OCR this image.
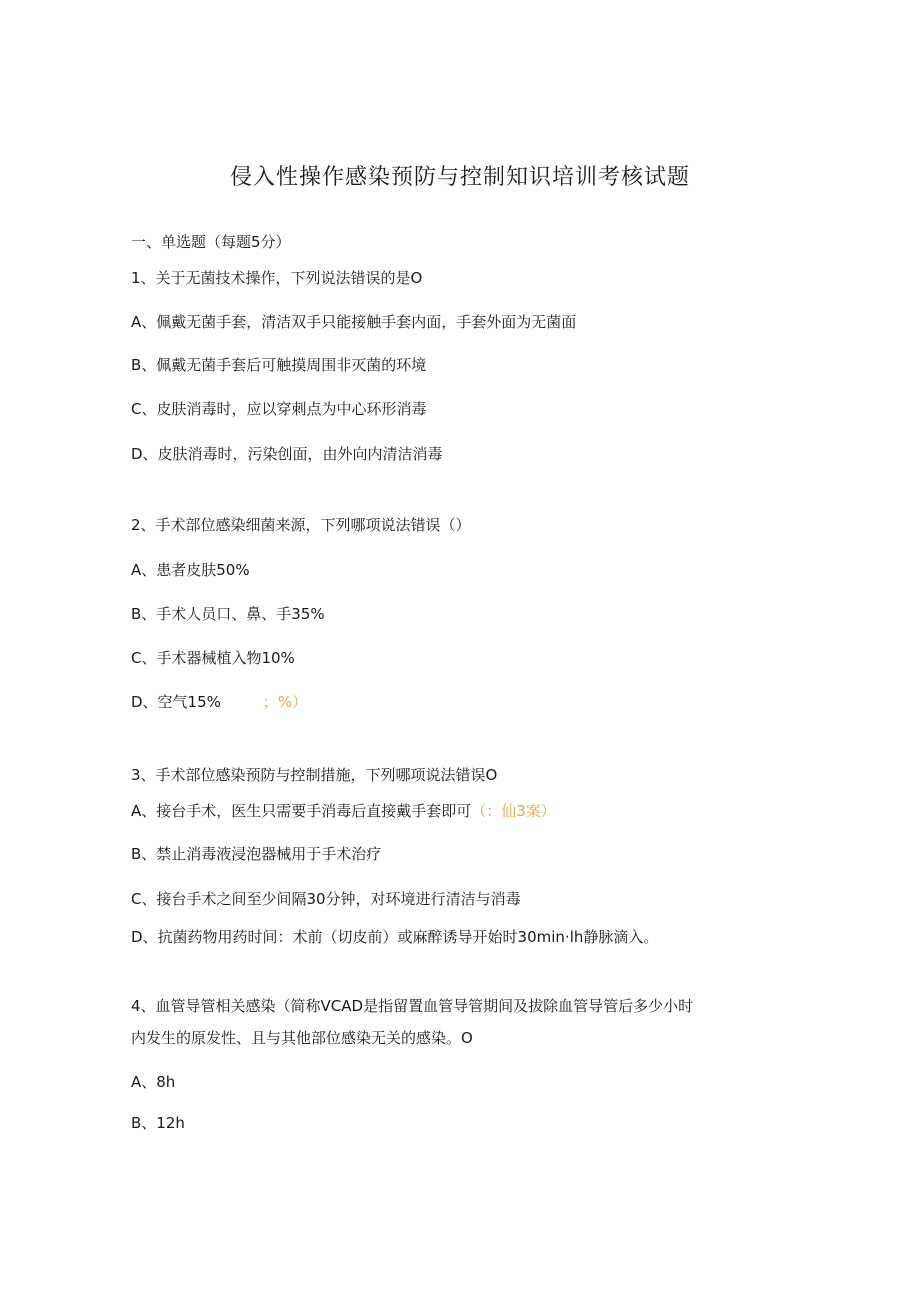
侵入性操作感染预防与控制知识培训考核试题
一、单选题（每题5分）
1、关于无菌技术操作，下列说法错误的是O
A、佩戴无菌手套，清洁双手只能接触手套内面，手套外面为无菌面
B、佩戴无菌手套后可触摸周围非灭菌的环境
C、皮肤消毒时，应以穿刺点为中心环形消毒
D、皮肤消毒时，污染创面，由外向内清洁消毒
2、手术部位感染细菌来源，下列哪项说法错误（）
A、患者皮肤50%
B、手术人员口、鼻、手35%
C、手术器械植入物10%
D、空气15%	；%）
3、手术部位感染预防与控制措施，下列哪项说法错误O
A、接台手术，医生只需要手消毒后直接戴手套即可（：仙3案）
B、禁止消毒液浸泡器械用于手术治疗
C、接台手术之间至少间隔30分钟，对环境进行清洁与消毒
D、抗菌药物用药时间：术前（切皮前）或麻醉诱导开始时30min·lh静脉滴入。
4、血管导管相关感染（简称VCAD是指留置血管导管期间及拔除血管导管后多少小时
内发生的原发性、且与其他部位感染无关的感染。O
A、8h
B、12h
